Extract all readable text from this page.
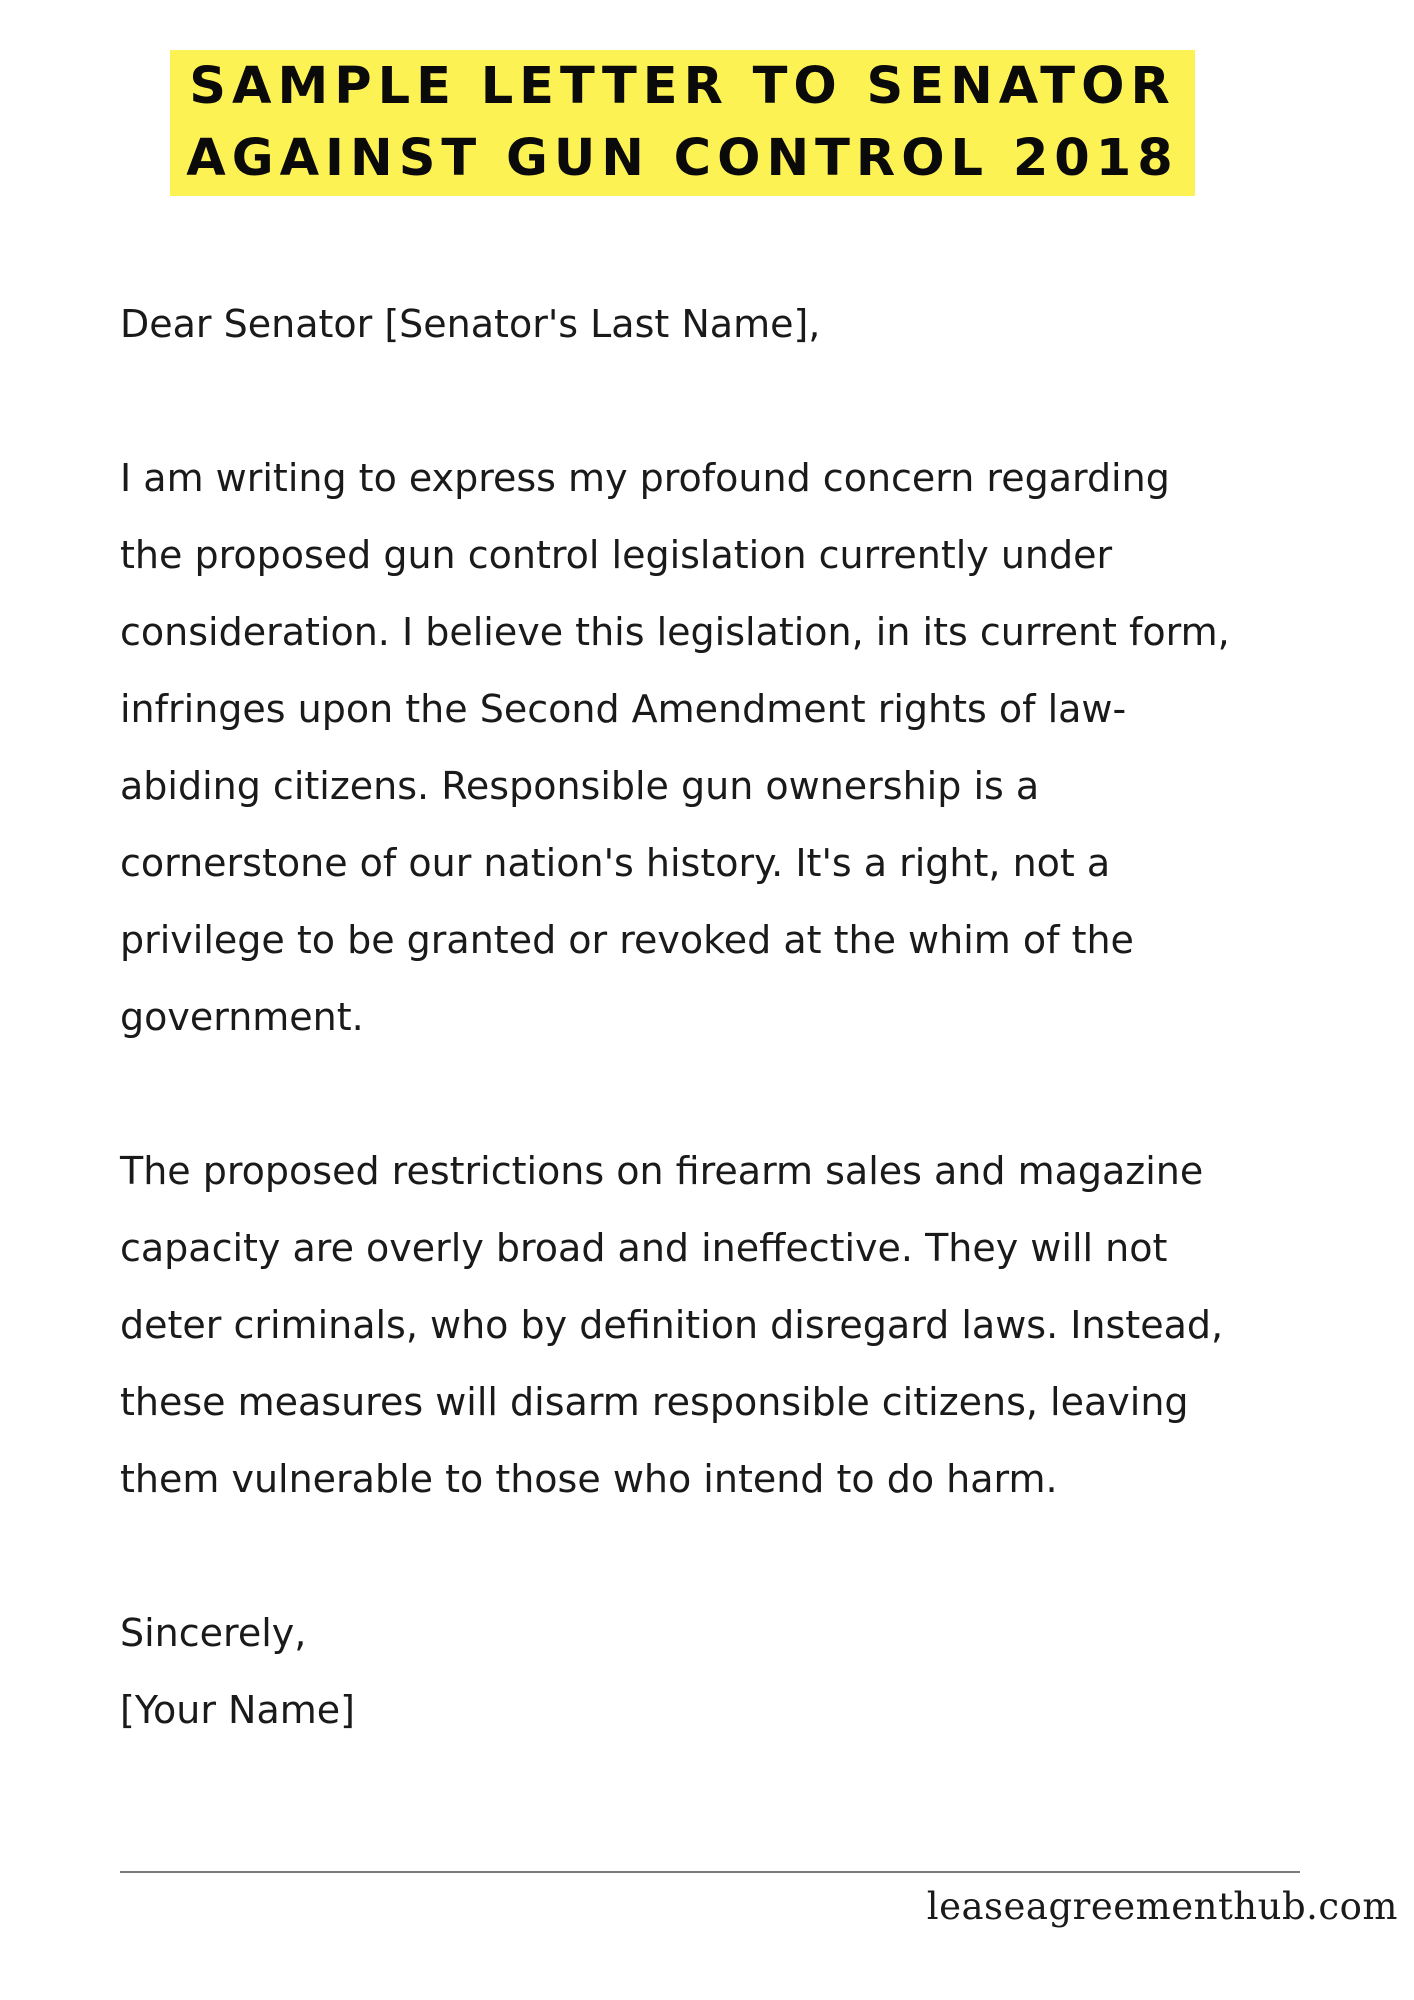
SAMPLE LETTER TO SENATOR
AGAINST GUN CONTROL 2018
Dear Senator [Senator's Last Name],
I am writing to express my profound concern regarding
the proposed gun control legislation currently under
consideration. I believe this legislation, in its current form,
infringes upon the Second Amendment rights of law-
abiding citizens. Responsible gun ownership is a
cornerstone of our nation's history. It's a right, not a
privilege to be granted or revoked at the whim of the
government.
The proposed restrictions on firearm sales and magazine
capacity are overly broad and ineffective. They will not
deter criminals, who by definition disregard laws. Instead,
these measures will disarm responsible citizens, leaving
them vulnerable to those who intend to do harm.
Sincerely,
[Your Name]
leaseagreementhub.com
